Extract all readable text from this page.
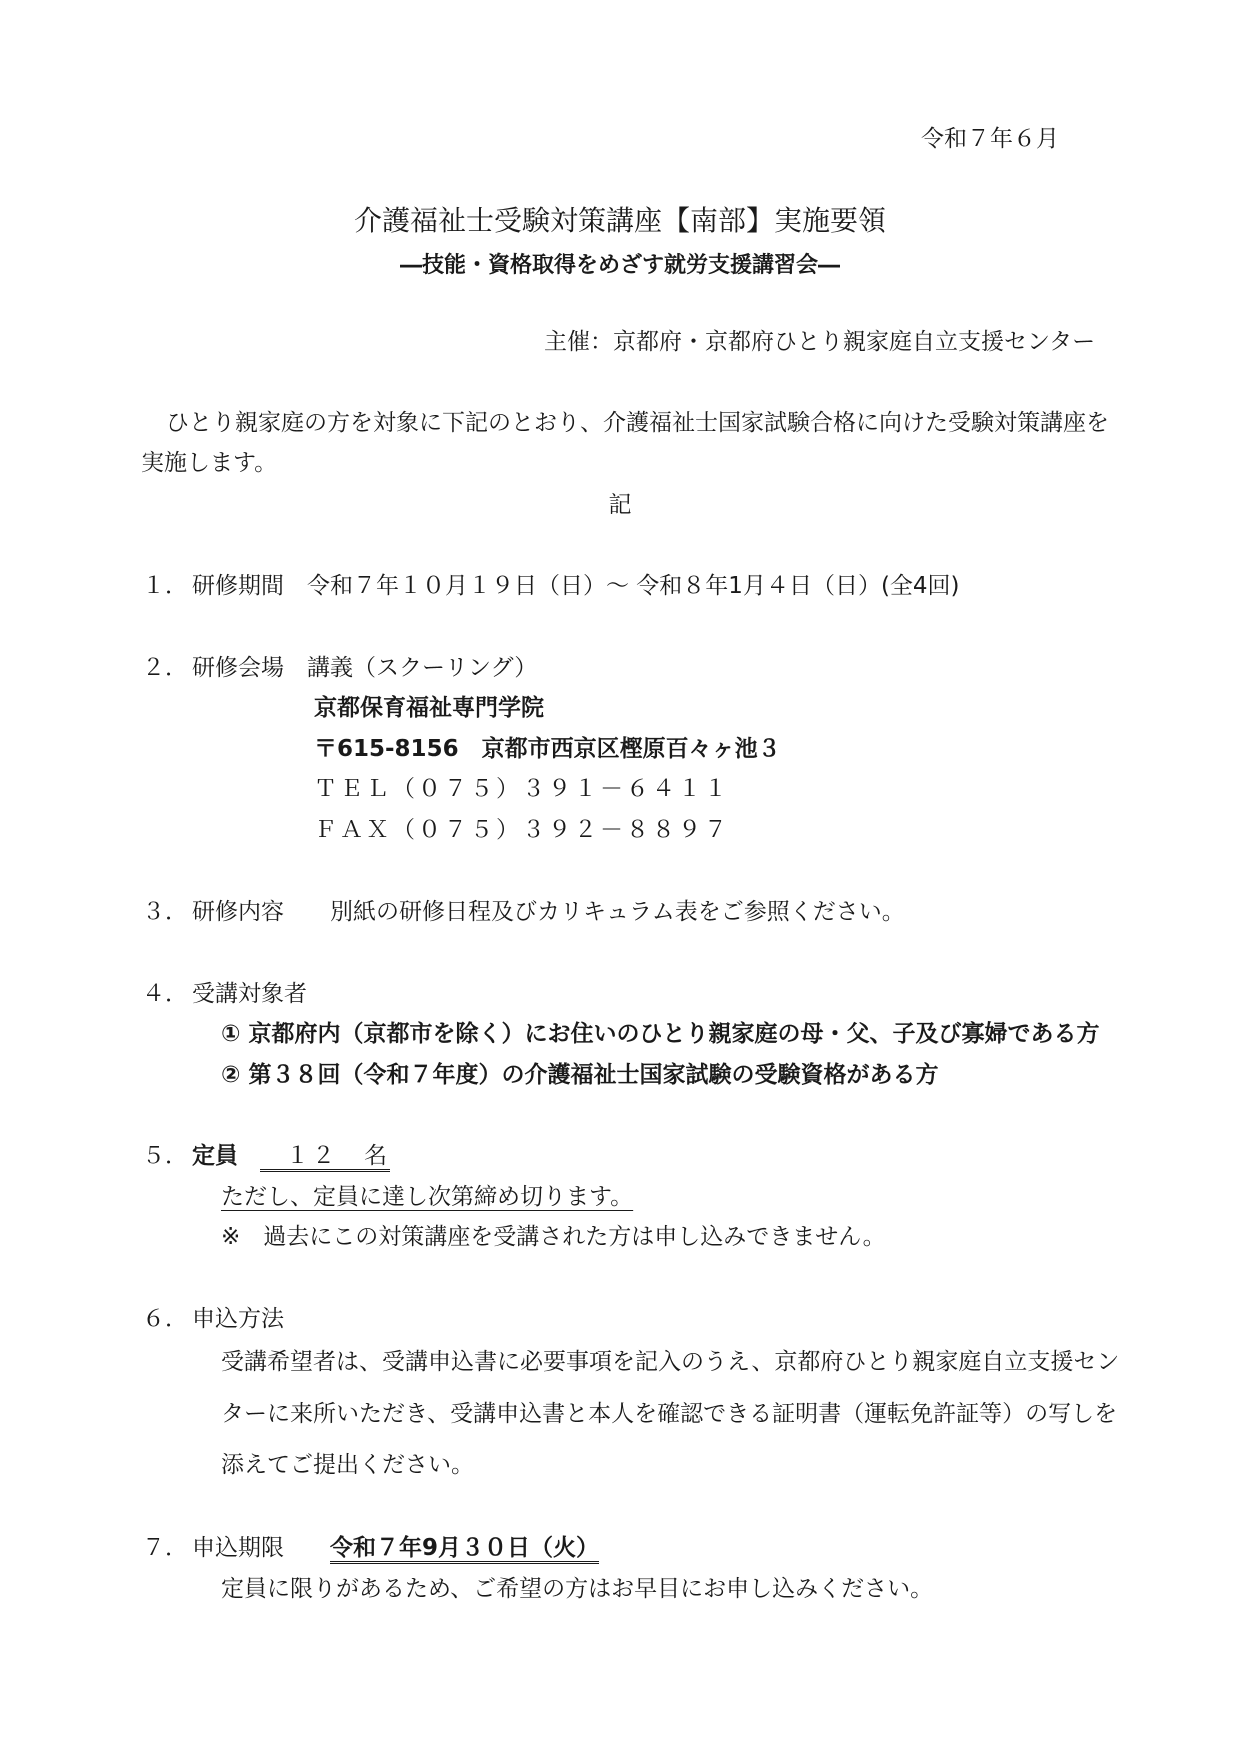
令和７年６月

介護福祉士受験対策講座【南部】実施要領

―技能・資格取得をめざす就労支援講習会―

主催：京都府・京都府ひとり親家庭自立支援センター

ひとり親家庭の方を対象に下記のとおり、介護福祉士国家試験合格に向けた受験対策講座を

実施します。

記

１． 研修期間 令和７年１０月１９日（日）～ 令和８年1月４日（日）(全4回)

２． 研修会場 講義（スクーリング）

京都保育福祉専門学院

〒615-8156　京都市西京区樫原百々ヶ池３

ＴＥＬ（０７５）３９１－６４１１

ＦＡＸ（０７５）３９２－８８９７

３． 研修内容 別紙の研修日程及びカリキュラム表をご参照ください。

４． 受講対象者

① 京都府内（京都市を除く）にお住いのひとり親家庭の母・父、子及び寡婦である方

② 第３８回（令和７年度）の介護福祉士国家試験の受験資格がある方

５． 定員 　１２　名

ただし、定員に達し次第締め切ります。

※　過去にこの対策講座を受講された方は申し込みできません。

６． 申込方法

受講希望者は、受講申込書に必要事項を記入のうえ、京都府ひとり親家庭自立支援セン

ターに来所いただき、受講申込書と本人を確認できる証明書（運転免許証等）の写しを

添えてご提出ください。

７． 申込期限 令和７年9月３０日（火）

定員に限りがあるため、ご希望の方はお早目にお申し込みください。
